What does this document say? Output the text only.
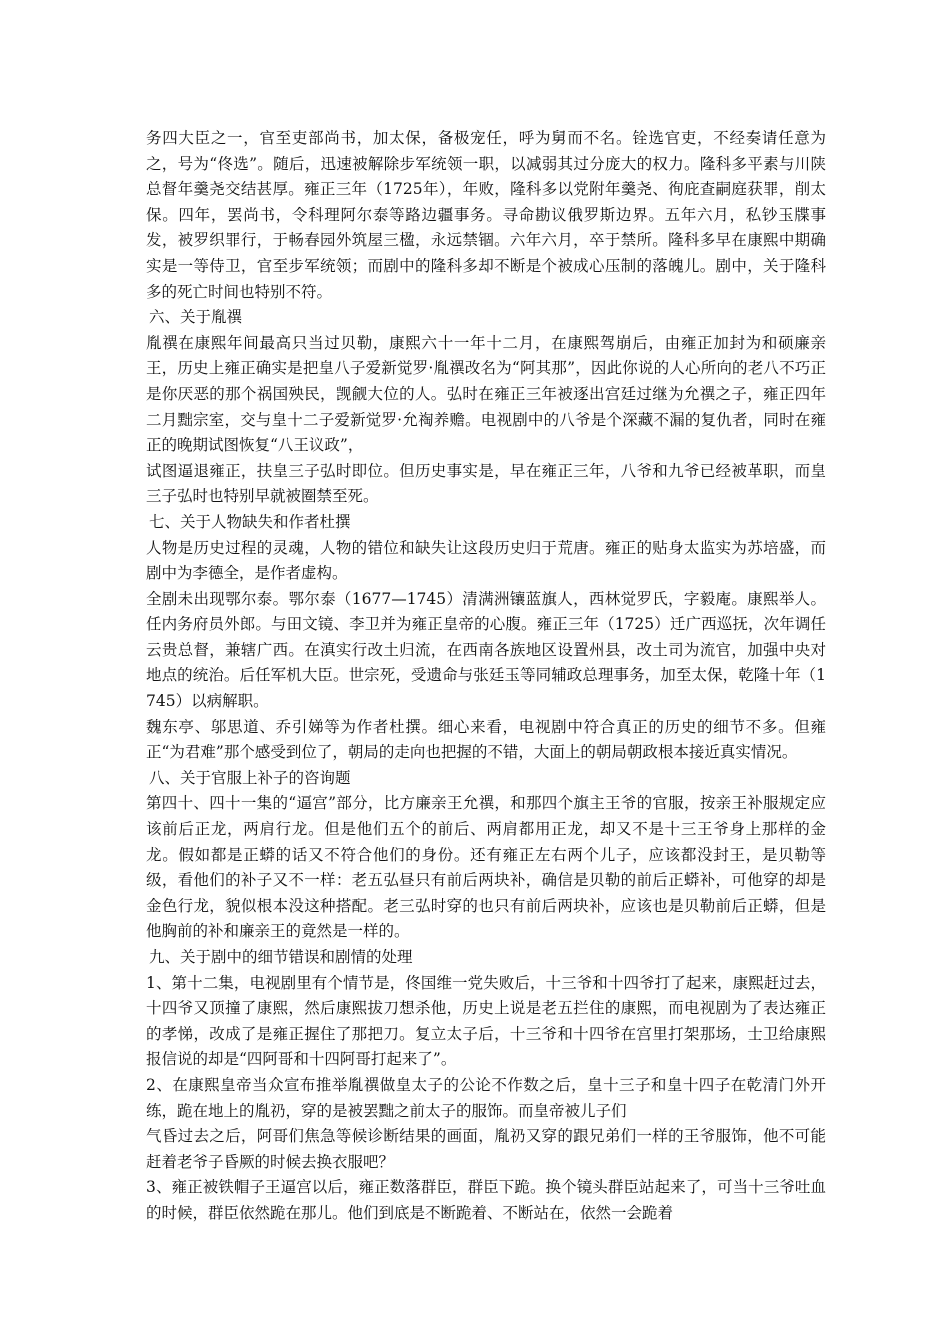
务四大臣之一，官至吏部尚书，加太保，备极宠任，呼为舅而不名。铨选官吏，不经奏请任意为之，号为“佟选”。随后，迅速被解除步军统领一职，以减弱其过分庞大的权力。隆科多平素与川陕总督年羹尧交结甚厚。雍正三年（1725年），年败，隆科多以党附年羹尧、徇庇查嗣庭获罪，削太保。四年，罢尚书，令科理阿尔泰等路边疆事务。寻命勘议俄罗斯边界。五年六月，私钞玉牒事发，被罗织罪行，于畅春园外筑屋三楹，永远禁锢。六年六月，卒于禁所。隆科多早在康熙中期确实是一等侍卫，官至步军统领；而剧中的隆科多却不断是个被成心压制的落魄儿。剧中，关于隆科多的死亡时间也特别不符。

六、关于胤禩

胤禩在康熙年间最高只当过贝勒，康熙六十一年十二月，在康熙驾崩后，由雍正加封为和硕廉亲王，历史上雍正确实是把皇八子爱新觉罗·胤禩改名为“阿其那”，因此你说的人心所向的老八不巧正是你厌恶的那个祸国殃民，觊觎大位的人。弘时在雍正三年被逐出宫廷过继为允禩之子，雍正四年二月黜宗室，交与皇十二子爱新觉罗·允祹养赡。电视剧中的八爷是个深藏不漏的复仇者，同时在雍正的晚期试图恢复“八王议政”，

试图逼退雍正，扶皇三子弘时即位。但历史事实是，早在雍正三年，八爷和九爷已经被革职，而皇三子弘时也特别早就被圈禁至死。

七、关于人物缺失和作者杜撰

人物是历史过程的灵魂，人物的错位和缺失让这段历史归于荒唐。雍正的贴身太监实为苏培盛，而剧中为李德全，是作者虚构。

全剧未出现鄂尔泰。鄂尔泰（1677—1745）清满洲镶蓝旗人，西林觉罗氏，字毅庵。康熙举人。任内务府员外郎。与田文镜、李卫并为雍正皇帝的心腹。雍正三年（1725）迁广西巡抚，次年调任云贵总督，兼辖广西。在滇实行改土归流，在西南各族地区设置州县，改土司为流官，加强中央对地点的统治。后任军机大臣。世宗死，受遗命与张廷玉等同辅政总理事务，加至太保，乾隆十年（1745）以病解职。

魏东亭、邬思道、乔引娣等为作者杜撰。细心来看，电视剧中符合真正的历史的细节不多。但雍正“为君难”那个感受到位了，朝局的走向也把握的不错，大面上的朝局朝政根本接近真实情况。

八、关于官服上补子的咨询题

第四十、四十一集的“逼宫”部分，比方廉亲王允禩，和那四个旗主王爷的官服，按亲王补服规定应该前后正龙，两肩行龙。但是他们五个的前后、两肩都用正龙，却又不是十三王爷身上那样的金龙。假如都是正蟒的话又不符合他们的身份。还有雍正左右两个儿子，应该都没封王，是贝勒等级，看他们的补子又不一样：老五弘昼只有前后两块补，确信是贝勒的前后正蟒补，可他穿的却是金色行龙，貌似根本没这种搭配。老三弘时穿的也只有前后两块补，应该也是贝勒前后正蟒，但是他胸前的补和廉亲王的竟然是一样的。

九、关于剧中的细节错误和剧情的处理

1、第十二集，电视剧里有个情节是，佟国维一党失败后，十三爷和十四爷打了起来，康熙赶过去，十四爷又顶撞了康熙，然后康熙拔刀想杀他，历史上说是老五拦住的康熙，而电视剧为了表达雍正的孝悌，改成了是雍正握住了那把刀。复立太子后，十三爷和十四爷在宫里打架那场，士卫给康熙报信说的却是“四阿哥和十四阿哥打起来了”。

2、在康熙皇帝当众宣布推举胤禩做皇太子的公论不作数之后，皇十三子和皇十四子在乾清门外开练，跪在地上的胤礽，穿的是被罢黜之前太子的服饰。而皇帝被儿子们

气昏过去之后，阿哥们焦急等候诊断结果的画面，胤礽又穿的跟兄弟们一样的王爷服饰，他不可能赶着老爷子昏厥的时候去换衣服吧？

3、雍正被铁帽子王逼宫以后，雍正数落群臣，群臣下跪。换个镜头群臣站起来了，可当十三爷吐血的时候，群臣依然跪在那儿。他们到底是不断跪着、不断站在，依然一会跪着
